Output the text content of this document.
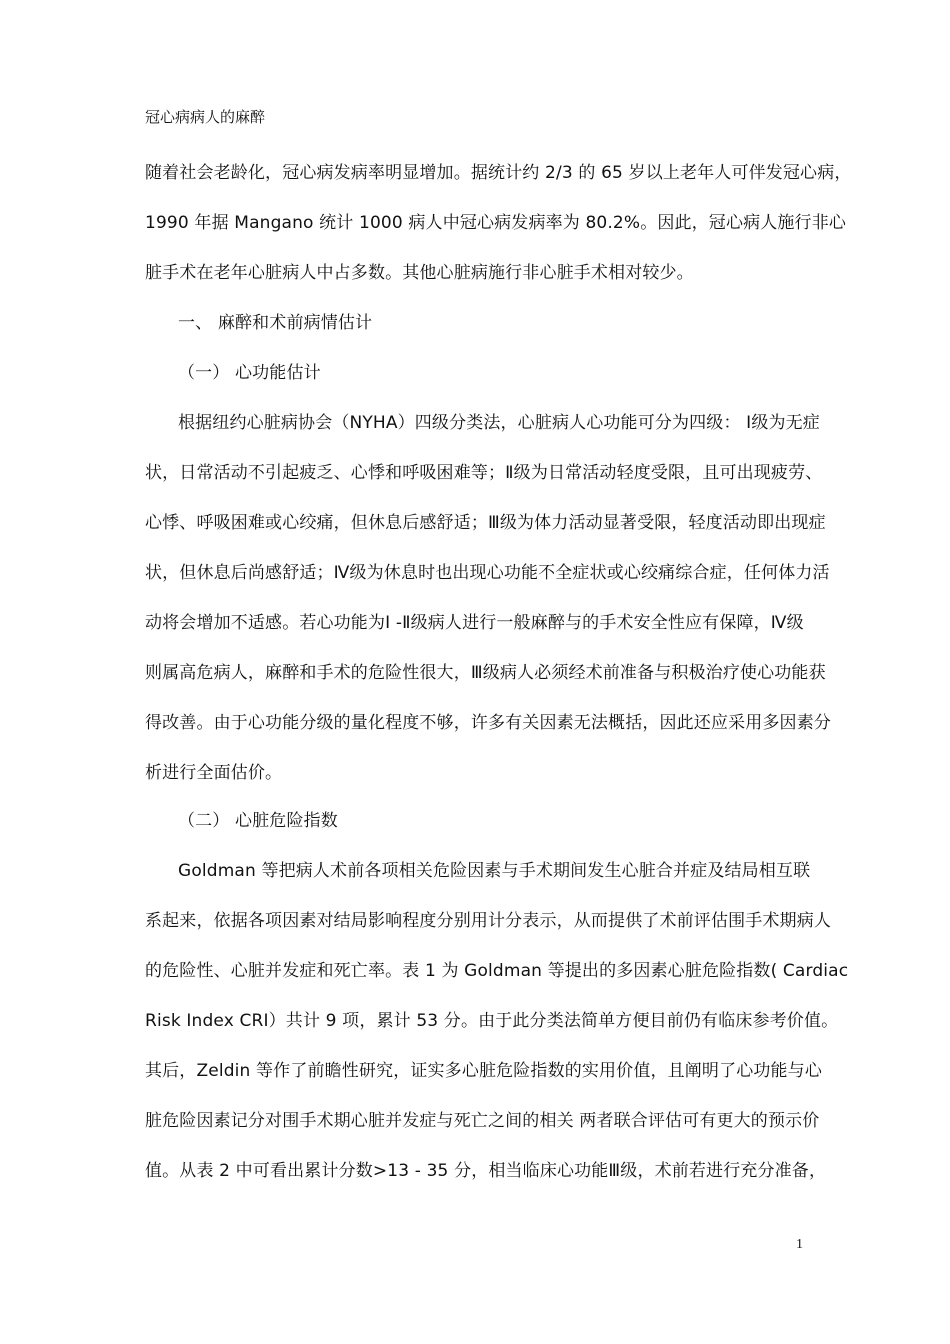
冠心病病人的麻醉
随着社会老龄化，冠心病发病率明显增加。据统计约 2/3 的 65 岁以上老年人可伴发冠心病，
1990 年据 Mangano 统计 1000 病人中冠心病发病率为 80.2%。因此，冠心病人施行非心
脏手术在老年心脏病人中占多数。其他心脏病施行非心脏手术相对较少。
一、 麻醉和术前病情估计
（一） 心功能估计
根据纽约心脏病协会（NYHA）四级分类法，心脏病人心功能可分为四级： Ⅰ级为无症
状，日常活动不引起疲乏、心悸和呼吸困难等；Ⅱ级为日常活动轻度受限，且可出现疲劳、
心悸、呼吸困难或心绞痛，但休息后感舒适；Ⅲ级为体力活动显著受限，轻度活动即出现症
状，但休息后尚感舒适；Ⅳ级为休息时也出现心功能不全症状或心绞痛综合症，任何体力活
动将会增加不适感。若心功能为Ⅰ -Ⅱ级病人进行一般麻醉与的手术安全性应有保障，Ⅳ级
则属高危病人，麻醉和手术的危险性很大，Ⅲ级病人必须经术前准备与积极治疗使心功能获
得改善。由于心功能分级的量化程度不够，许多有关因素无法概括，因此还应采用多因素分
析进行全面估价。
（二） 心脏危险指数
Goldman 等把病人术前各项相关危险因素与手术期间发生心脏合并症及结局相互联
系起来，依据各项因素对结局影响程度分别用计分表示，从而提供了术前评估围手术期病人
的危险性、心脏并发症和死亡率。表 1 为 Goldman 等提出的多因素心脏危险指数( Cardiac
Risk Index CRI）共计 9 项，累计 53 分。由于此分类法简单方便目前仍有临床参考价值。
其后，Zeldin 等作了前瞻性研究，证实多心脏危险指数的实用价值，且阐明了心功能与心
脏危险因素记分对围手术期心脏并发症与死亡之间的相关 两者联合评估可有更大的预示价
值。从表 2 中可看出累计分数>13 - 35 分，相当临床心功能Ⅲ级，术前若进行充分准备，
1
